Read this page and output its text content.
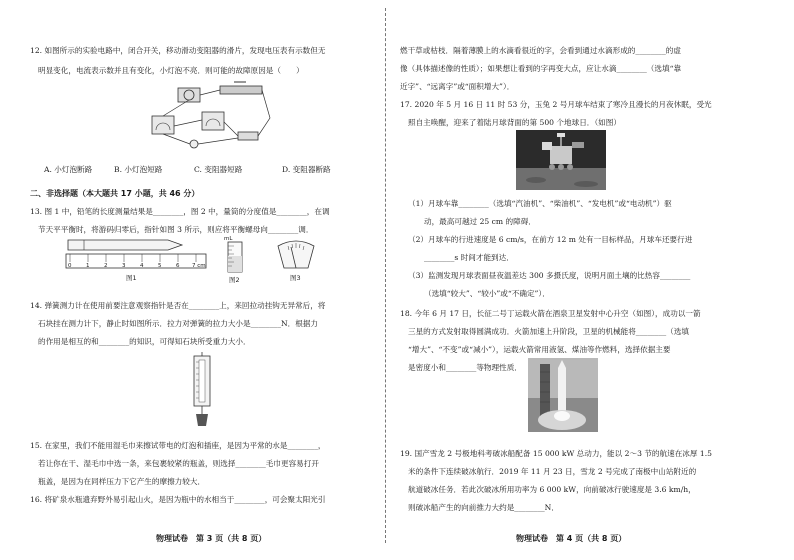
12. 如图所示的实验电路中，闭合开关，移动滑动变阻器的滑片，发现电压表有示数但无
明显变化，电流表示数并且有变化，小灯泡不亮．则可能的故障原因是（　　）
A. 小灯泡断路	B. 小灯泡短路	C. 变阻器短路	D. 变阻器断路
二、非选择题（本大题共 17 小题，共 46 分）
13. 图 1 中，铅笔的长度测量结果是________，图 2 中，量筒的分度值是________，在调
节天平平衡时，将游码归零后，指针如图 3 所示，则应将平衡螺母向________调．
0	1	2	3	4	5	6 7 cm
图1
mL
图2	图3
14. 弹簧测力计在使用前要注意观察指针是否在________上，来回拉动挂钩无异常后，将
石块挂在测力计下，静止时如图所示．拉力对弹簧的拉力大小是________N．根据力
的作用是相互的和________的知识，可得知石块所受重力大小．
15. 在家里，我们不能用湿毛巾来擦试带电的灯泡和插座，是因为平常的水是________，
若让你在干、湿毛巾中选一条，来包裹较紧的瓶盖，则选择________毛巾更容易打开
瓶盖，是因为在同样压力下它产生的摩擦力较大．
16. 将矿泉水瓶遗弃野外易引起山火，是因为瓶中的水相当于________，可会聚太阳光引
物理试卷　第 3 页（共 8 页）
燃干草或枯枝．隔着薄膜上的水滴看很近的字，会看到通过水滴形成的________的虚
像（具体描述像的性质）；如果想让看到的字再变大点，应让水滴________（选填“靠
近字”、“远离字”或“面积增大”）．
17. 2020 年 5 月 16 日 11 时 53 分，玉兔 2 号月球车结束了寒冷且漫长的月夜休眠，受光
照自主唤醒，迎来了着陆月球背面的第 500 个地球日．（如图）
（1）月球车靠________（选填“汽油机”、“柴油机”、“发电机”或“电动机”）驱
动，最高可越过 25 cm 的障碍．
（2）月球车的行进速度是 6 cm/s，在前方 12 m 处有一目标样品，月球车还要行进
________s 时间才能到达．
（3）监测发现月球表面昼夜温差达 300 多摄氏度，说明月面土壤的比热容________
（选填“较大”、“较小”或“不确定”）．
18. 今年 6 月 17 日，长征二号丁运载火箭在酒泉卫星发射中心升空（如图），成功以一箭
三星的方式发射取得圆满成功．火箭加速上升阶段，卫星的机械能将________（选填
“增大”、“不变”或“减小”），运载火箭常用液氢、煤油等作燃料，选择依据主要
是密度小和________等物理性质．
19. 国产雪龙 2 号极地科考破冰船配备 15 000 kW 总动力，能以 2～3 节的航速在冰厚 1.5
米的条件下连续破冰航行．2019 年 11 月 23 日，雪龙 2 号完成了南极中山站附近的
航道破冰任务．若此次破冰所用功率为 6 000 kW，向前破冰行驶速度是 3.6 km/h，
则破冰船产生的向前推力大约是________N．
物理试卷　第 4 页（共 8 页）
